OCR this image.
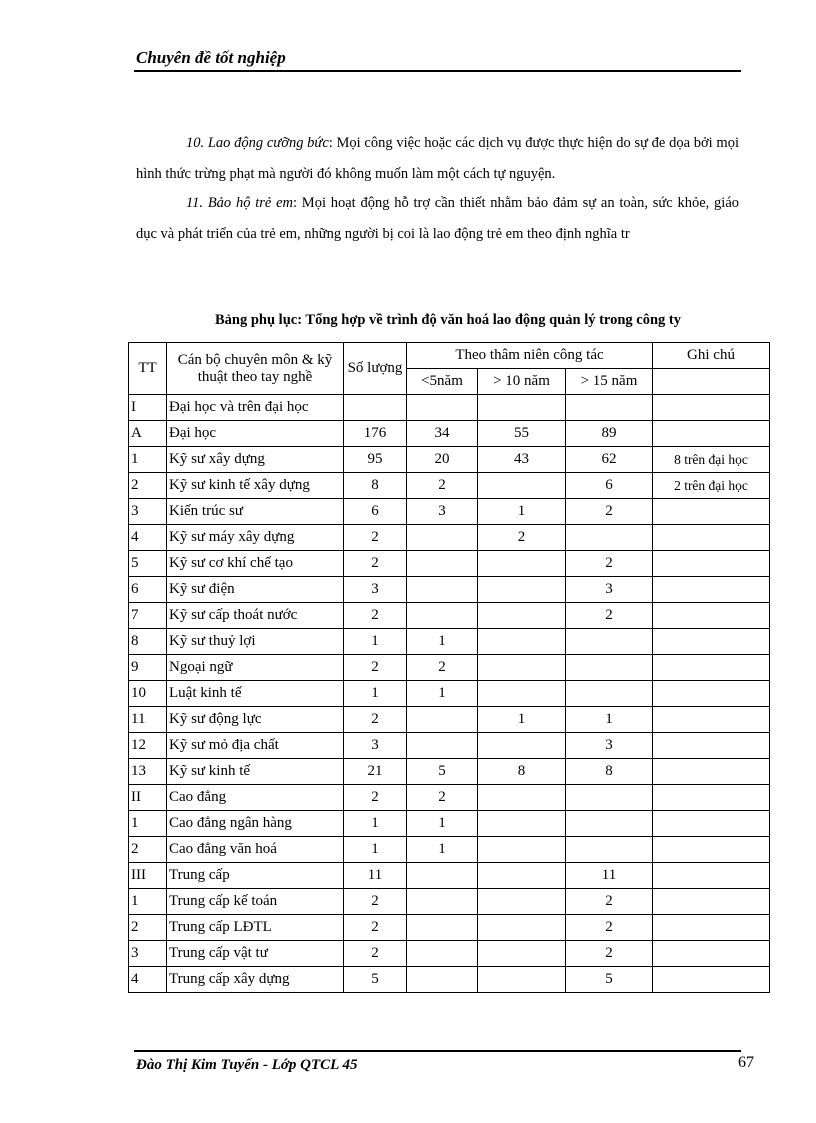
Chuyên đề tốt nghiệp
10. Lao động cưỡng bức: Mọi công việc hoặc các dịch vụ được thực hiện do sự đe dọa bởi mọi hình thức trừng phạt mà người đó không muốn làm một cách tự nguyện.
11. Bảo hộ trẻ em: Mọi hoạt động hỗ trợ cần thiết nhằm bảo đảm sự an toàn, sức khỏe, giáo dục và phát triển của trẻ em, những người bị coi là lao động trẻ em theo định nghĩa tr
Bảng phụ lục: Tổng hợp về trình độ văn hoá lao động quản lý trong công ty
TT	Cán bộ chuyên môn & kỹ thuật theo tay nghề	Số lượng	Theo thâm niên công tác			Ghi chú
			<5năm	> 10 năm	> 15 năm	
I	Đại học và trên đại học					
A	Đại học	176	34	55	89	
1	Kỹ sư xây dựng	95	20	43	62	8 trên đại học
2	Kỹ sư kinh tế xây dựng	8	2		6	2 trên đại học
3	Kiến trúc sư	6	3	1	2	
4	Kỹ sư máy xây dựng	2		2		
5	Kỹ sư cơ khí chế tạo	2			2	
6	Kỹ sư điện	3			3	
7	Kỹ sư cấp thoát nước	2			2	
8	Kỹ sư thuỷ lợi	1	1			
9	Ngoại ngữ	2	2			
10	Luật kinh tế	1	1			
11	Kỹ sư động lực	2		1	1	
12	Kỹ sư mỏ địa chất	3			3	
13	Kỹ sư kinh tế	21	5	8	8	
II	Cao đẳng	2	2			
1	Cao đẳng ngân hàng	1	1			
2	Cao đẳng văn hoá	1	1			
III	Trung cấp	11			11	
1	Trung cấp kế toán	2			2	
2	Trung cấp LĐTL	2			2	
3	Trung cấp vật tư	2			2	
4	Trung cấp xây dựng	5			5	
Đào Thị Kim Tuyến - Lớp QTCL 45	67
